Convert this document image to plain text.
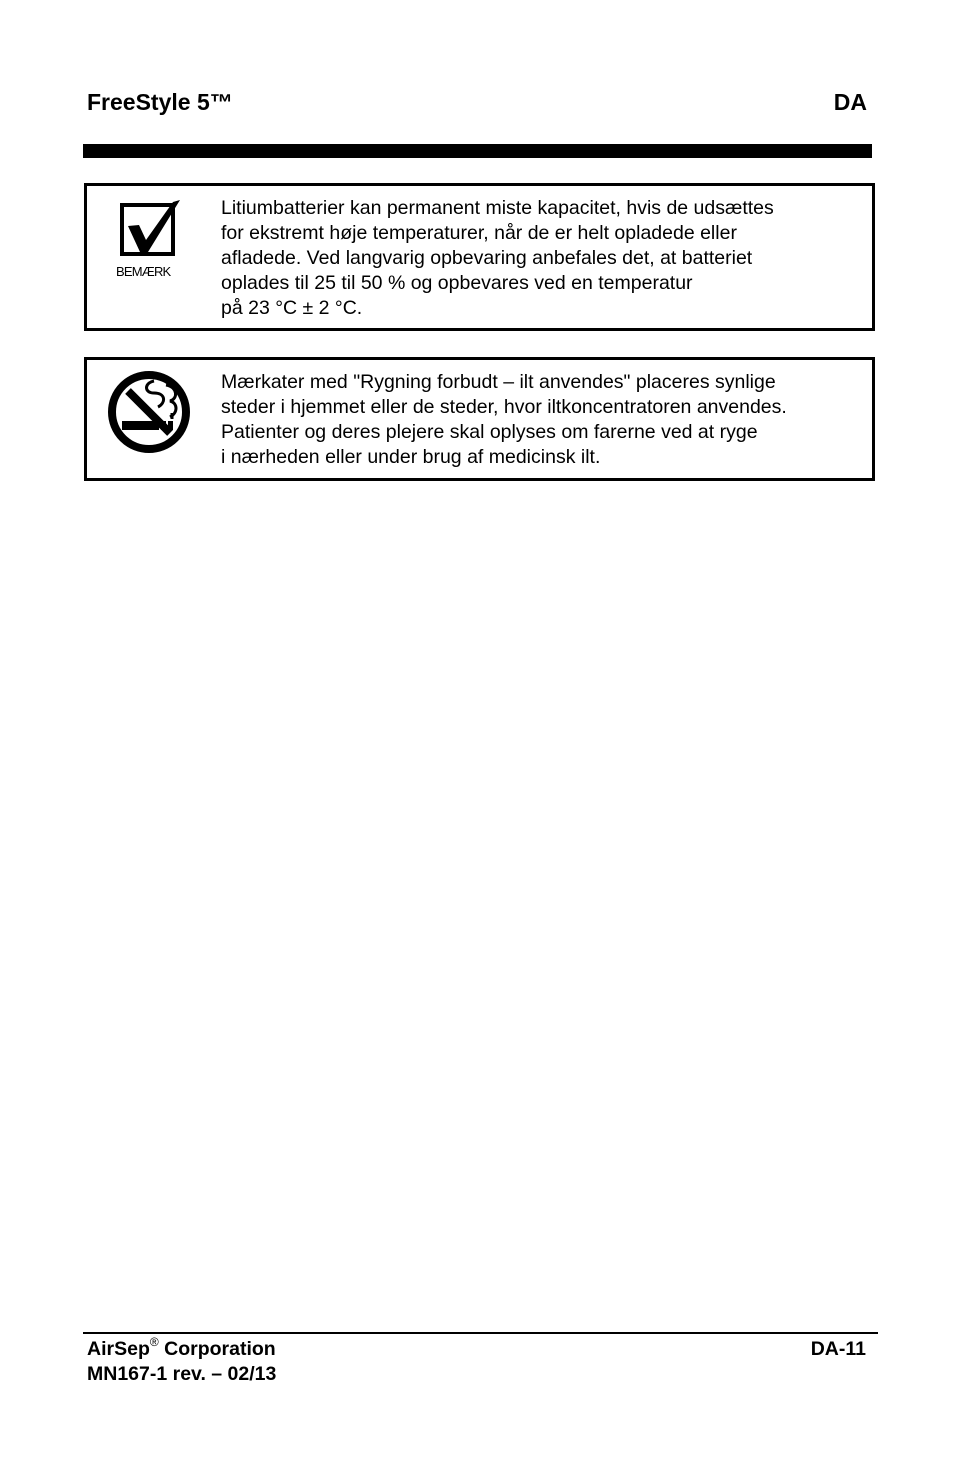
FreeStyle 5™	DA
BEMÆRK
Litiumbatterier kan permanent miste kapacitet, hvis de udsættes
for ekstremt høje temperaturer, når de er helt opladede eller
afladede. Ved langvarig opbevaring anbefales det, at batteriet
oplades til 25 til 50 % og opbevares ved en temperatur
på 23 °C ± 2 °C.
Mærkater med "Rygning forbudt – ilt anvendes" placeres synlige
steder i hjemmet eller de steder, hvor iltkoncentratoren anvendes.
Patienter og deres plejere skal oplyses om farerne ved at ryge
i nærheden eller under brug af medicinsk ilt.
AirSep® Corporation
MN167-1 rev. – 02/13
DA-11
